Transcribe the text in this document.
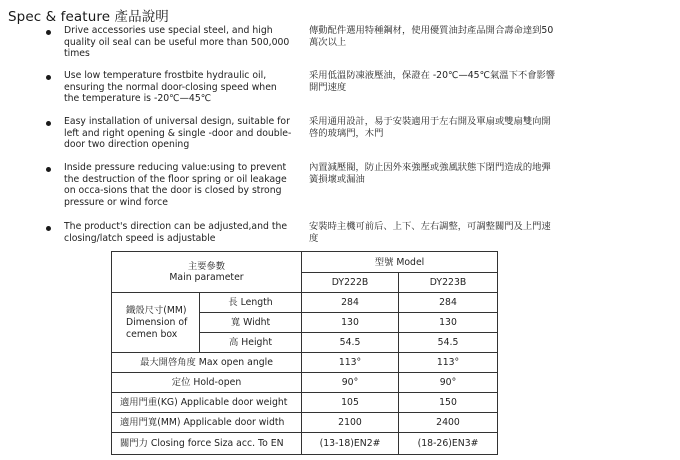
Spec & feature 產品說明
Drive accessories use special steel, and high quality oil seal can be useful more than 500,000 times
傳動配件選用特種鋼材，使用優質油封產品開合壽命達到50萬次以上
Use low temperature frostbite hydraulic oil, ensuring the normal door-closing speed when the temperature is -20℃—45℃
采用低溫防凍液壓油，保證在 -20℃—45℃氣溫下不會影響開門速度
Easy installation of universal design, suitable for left and right opening & single -door and double-door two direction opening
采用通用設計，易于安裝適用于左右開及單扇或雙扇雙向開啓的玻璃門，木門
Inside pressure reducing value:using to prevent the destruction of the floor spring or oil leakage on occa-sions that the door is closed by strong pressure or wind force
內置減壓閥，防止因外來強壓或強風狀態下閉門造成的地彈簧損壞或漏油
The product's direction can be adjusted,and the closing/latch speed is adjustable
安裝時主機可前后、上下、左右調整，可調整關門及上門速度
主要參數
Main parameter		型號 Model	
		DY222B	DY223B

鐵殼尺寸(MM)
Dimension of
cemen box	長 Length	284	284
	寬 Widht	130	130
	高 Height	54.5	54.5
最大開啓角度 Max open angle		113°	113°
定位 Hold-open		90°	90°
適用門重(KG) Applicable door weight		105	150
適用門寬(MM) Applicable door width		2100	2400
關門力 Closing force Siza acc. To EN		(13-18)EN2#	(18-26)EN3#
